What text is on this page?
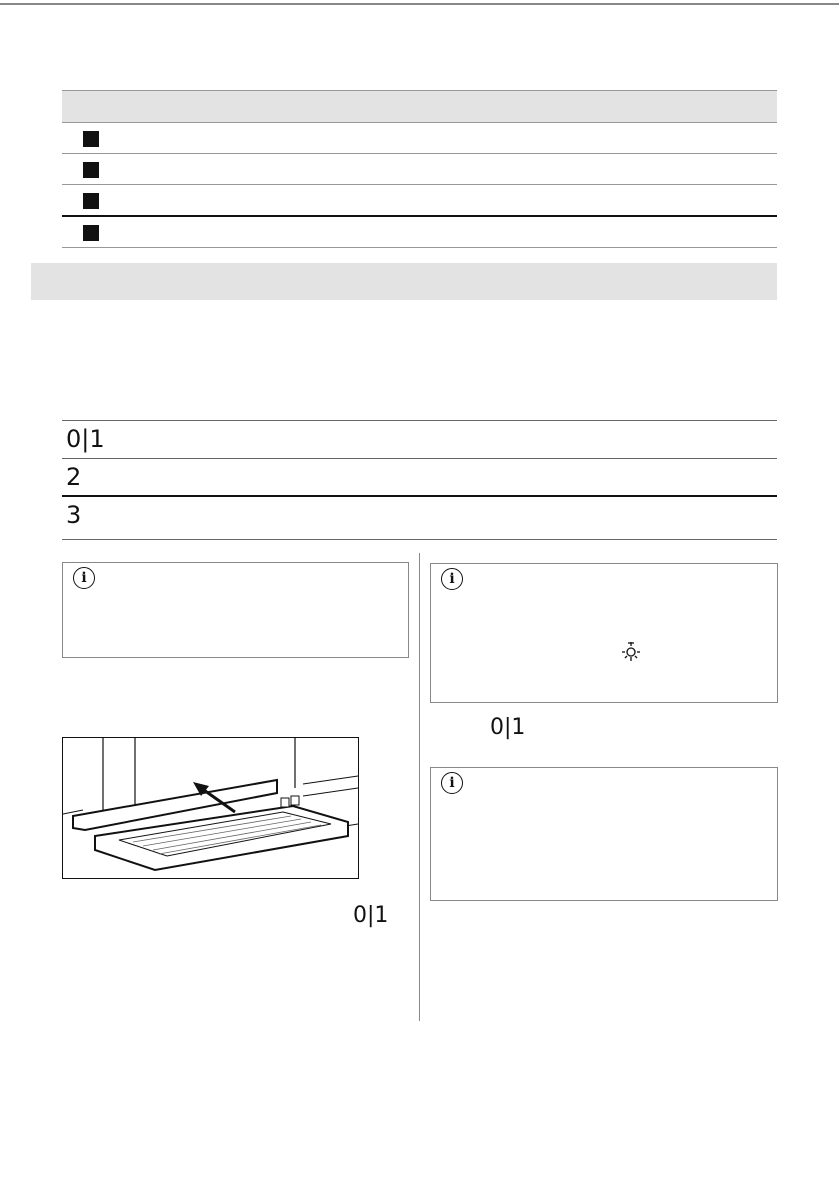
0|1
2
3
i
0|1
i
0|1
i
